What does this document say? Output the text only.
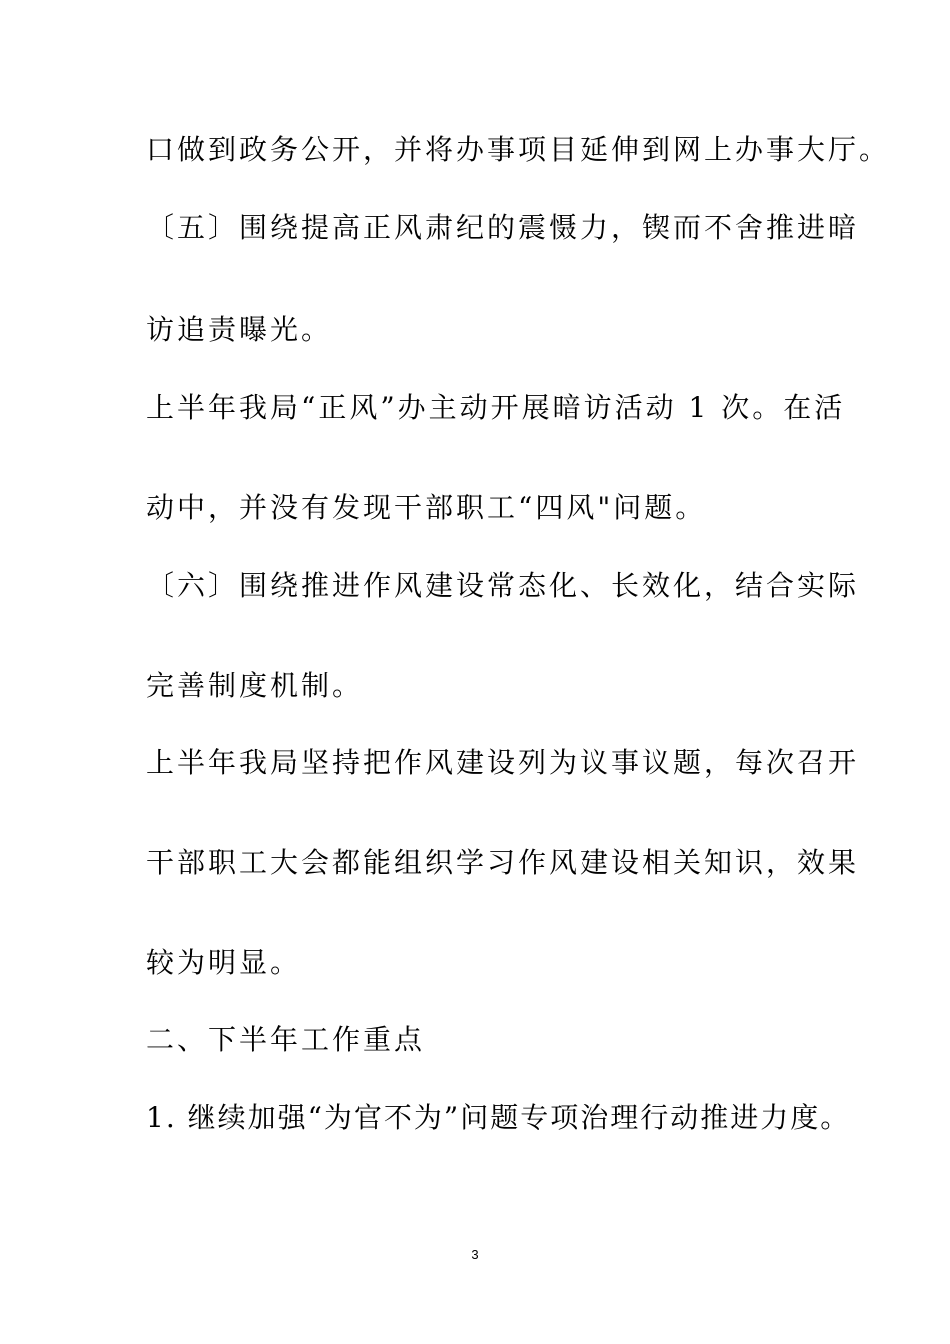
口做到政务公开，并将办事项目延伸到网上办事大厅。
〔五〕围绕提高正风肃纪的震慑力，锲而不舍推进暗
访追责曝光。
上半年我局“正风”办主动开展暗访活动 1 次。在活
动中，并没有发现干部职工“四风"问题。
〔六〕围绕推进作风建设常态化、长效化，结合实际
完善制度机制。
上半年我局坚持把作风建设列为议事议题，每次召开
干部职工大会都能组织学习作风建设相关知识，效果
较为明显。
二、下半年工作重点
1. 继续加强“为官不为”问题专项治理行动推进力度。
3
